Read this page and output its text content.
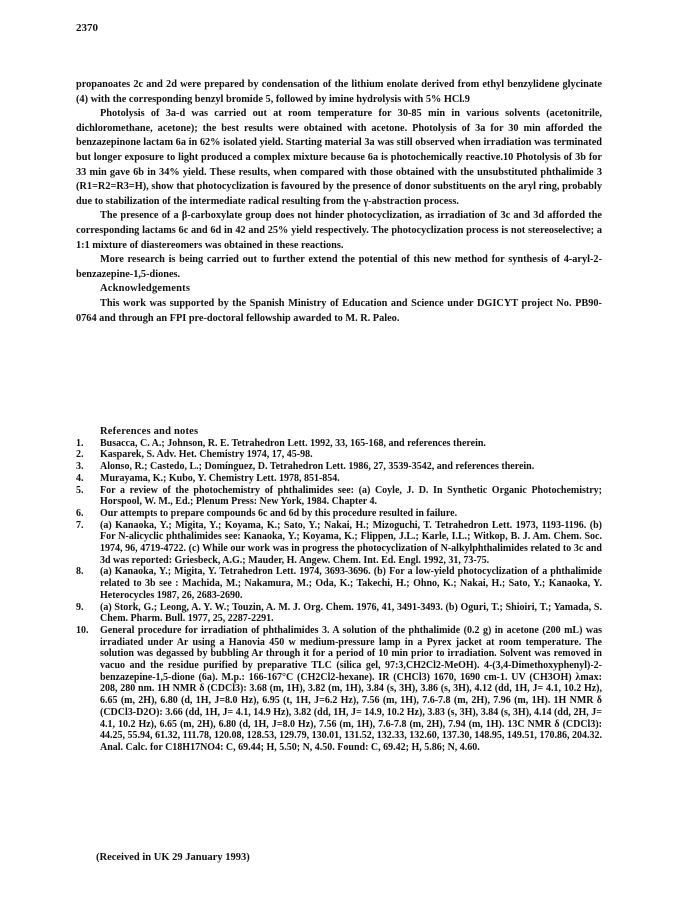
2370

propanoates 2c and 2d were prepared by condensation of the lithium enolate derived from ethyl benzylidene glycinate (4) with the corresponding benzyl bromide 5, followed by imine hydrolysis with 5% HCl.9

Photolysis of 3a-d was carried out at room temperature for 30-85 min in various solvents (acetonitrile, dichloromethane, acetone); the best results were obtained with acetone. Photolysis of 3a for 30 min afforded the benzazepinone lactam 6a in 62% isolated yield. Starting material 3a was still observed when irradiation was terminated but longer exposure to light produced a complex mixture because 6a is photochemically reactive.10 Photolysis of 3b for 33 min gave 6b in 34% yield. These results, when compared with those obtained with the unsubstituted phthalimide 3 (R1=R2=R3=H), show that photocyclization is favoured by the presence of donor substituents on the aryl ring, probably due to stabilization of the intermediate radical resulting from the γ-abstraction process.

The presence of a β-carboxylate group does not hinder photocyclization, as irradiation of 3c and 3d afforded the corresponding lactams 6c and 6d in 42 and 25% yield respectively. The photocyclization process is not stereoselective; a 1:1 mixture of diastereomers was obtained in these reactions.

More research is being carried out to further extend the potential of this new method for synthesis of 4-aryl-2-benzazepine-1,5-diones.

Acknowledgements

This work was supported by the Spanish Ministry of Education and Science under DGICYT project No. PB90-0764 and through an FPI pre-doctoral fellowship awarded to M. R. Paleo.

References and notes
1.	Busacca, C. A.; Johnson, R. E. Tetrahedron Lett. 1992, 33, 165-168, and references therein.
2.	Kasparek, S. Adv. Het. Chemistry 1974, 17, 45-98.
3.	Alonso, R.; Castedo, L.; Domínguez, D. Tetrahedron Lett. 1986, 27, 3539-3542, and references therein.
4.	Murayama, K.; Kubo, Y. Chemistry Lett. 1978, 851-854.
5.	For a review of the photochemistry of phthalimides see: (a) Coyle, J. D. In Synthetic Organic Photochemistry; Horspool, W. M., Ed.; Plenum Press: New York, 1984. Chapter 4.
6.	Our attempts to prepare compounds 6c and 6d by this procedure resulted in failure.
7.	(a) Kanaoka, Y.; Migita, Y.; Koyama, K.; Sato, Y.; Nakai, H.; Mizoguchi, T. Tetrahedron Lett. 1973, 1193-1196. (b) For N-alicyclic phthalimides see: Kanaoka, Y.; Koyama, K.; Flippen, J.L.; Karle, I.L.; Witkop, B. J. Am. Chem. Soc. 1974, 96, 4719-4722. (c) While our work was in progress the photocyclization of N-alkylphthalimides related to 3c and 3d was reported: Griesbeck, A.G.; Mauder, H. Angew. Chem. Int. Ed. Engl. 1992, 31, 73-75.
8.	(a) Kanaoka, Y.; Migita, Y. Tetrahedron Lett. 1974, 3693-3696. (b) For a low-yield photocyclization of a phthalimide related to 3b see : Machida, M.; Nakamura, M.; Oda, K.; Takechi, H.; Ohno, K.; Nakai, H.; Sato, Y.; Kanaoka, Y. Heterocycles 1987, 26, 2683-2690.
9.	(a) Stork, G.; Leong, A. Y. W.; Touzin, A. M. J. Org. Chem. 1976, 41, 3491-3493. (b) Oguri, T.; Shioiri, T.; Yamada, S. Chem. Pharm. Bull. 1977, 25, 2287-2291.
10.	General procedure for irradiation of phthalimides 3. A solution of the phthalimide (0.2 g) in acetone (200 mL) was irradiated under Ar using a Hanovia 450 w medium-pressure lamp in a Pyrex jacket at room temperature. The solution was degassed by bubbling Ar through it for a period of 10 min prior to irradiation. Solvent was removed in vacuo and the residue purified by preparative TLC (silica gel, 97:3,CH2Cl2-MeOH). 4-(3,4-Dimethoxyphenyl)-2-benzazepine-1,5-dione (6a). M.p.: 166-167°C (CH2Cl2-hexane). IR (CHCl3) 1670, 1690 cm-1. UV (CH3OH) λmax: 208, 280 nm. 1H NMR δ (CDCl3): 3.68 (m, 1H), 3.82 (m, 1H), 3.84 (s, 3H), 3.86 (s, 3H), 4.12 (dd, 1H, J= 4.1, 10.2 Hz), 6.65 (m, 2H), 6.80 (d, 1H, J=8.0 Hz), 6.95 (t, 1H, J=6.2 Hz), 7.56 (m, 1H), 7.6-7.8 (m, 2H), 7.96 (m, 1H). 1H NMR δ (CDCl3-D2O): 3.66 (dd, 1H, J= 4.1, 14.9 Hz), 3.82 (dd, 1H, J= 14.9, 10.2 Hz), 3.83 (s, 3H), 3.84 (s, 3H), 4.14 (dd, 2H, J= 4.1, 10.2 Hz), 6.65 (m, 2H), 6.80 (d, 1H, J=8.0 Hz), 7.56 (m, 1H), 7.6-7.8 (m, 2H), 7.94 (m, 1H). 13C NMR δ (CDCl3): 44.25, 55.94, 61.32, 111.78, 120.08, 128.53, 129.79, 130.01, 131.52, 132.33, 132.60, 137.30, 148.95, 149.51, 170.86, 204.32. Anal. Calc. for C18H17NO4: C, 69.44; H, 5.50; N, 4.50. Found: C, 69.42; H, 5.86; N, 4.60.
(Received in UK 29 January 1993)
